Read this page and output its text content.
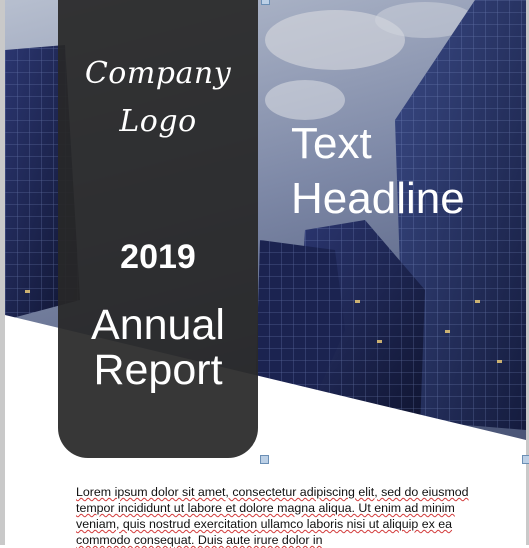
Company
Logo
2019
Annual
Report
Text
Headline
Lorem ipsum dolor sit amet, consectetur adipiscing elit, sed do eiusmod tempor incididunt ut labore et dolore magna aliqua. Ut enim ad minim veniam, quis nostrud exercitation ullamco laboris nisi ut aliquip ex ea commodo consequat. Duis aute irure dolor in
